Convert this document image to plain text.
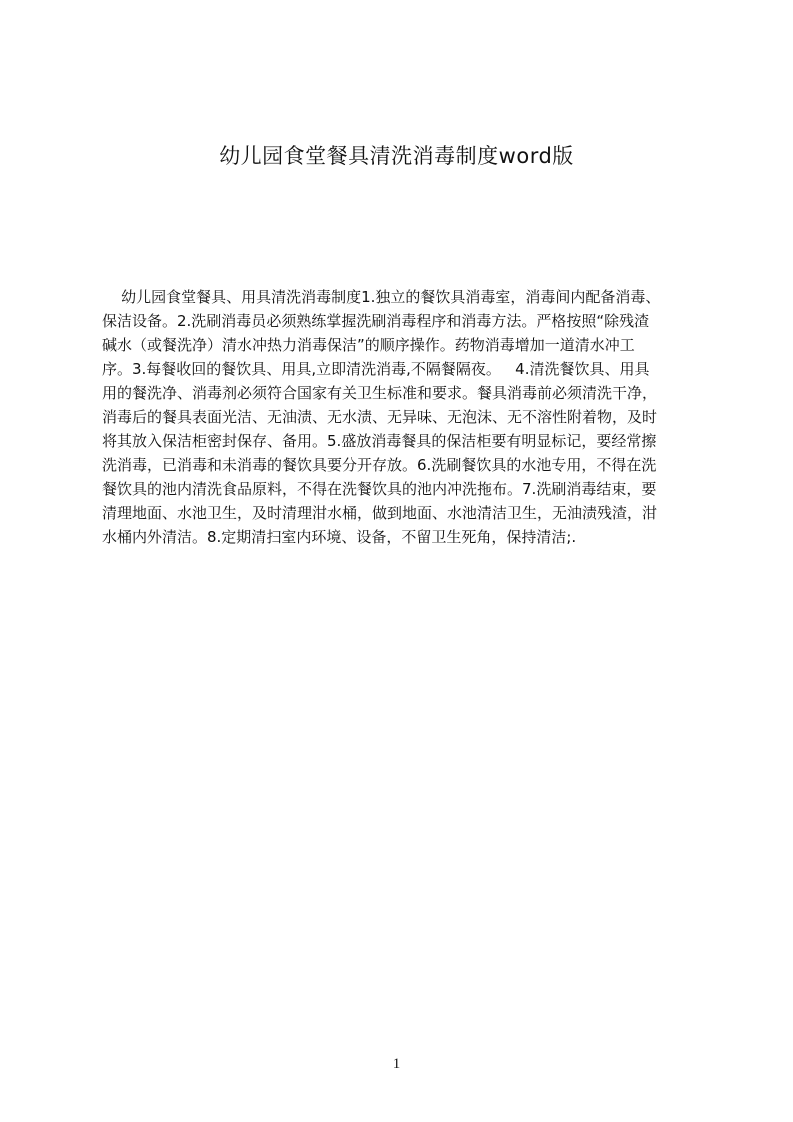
幼儿园食堂餐具清洗消毒制度word版
幼儿园食堂餐具、用具清洗消毒制度1.独立的餐饮具消毒室，消毒间内配备消毒、
保洁设备。2.洗刷消毒员必须熟练掌握洗刷消毒程序和消毒方法。严格按照“除残渣
碱水（或餐洗净）清水冲热力消毒保洁”的顺序操作。药物消毒增加一道清水冲工
序。3.每餐收回的餐饮具、用具,立即清洗消毒,不隔餐隔夜。   4.清洗餐饮具、用具
用的餐洗净、消毒剂必须符合国家有关卫生标准和要求。餐具消毒前必须清洗干净，
消毒后的餐具表面光洁、无油渍、无水渍、无异味、无泡沫、无不溶性附着物，及时
将其放入保洁柜密封保存、备用。5.盛放消毒餐具的保洁柜要有明显标记，要经常擦
洗消毒，已消毒和未消毒的餐饮具要分开存放。6.洗刷餐饮具的水池专用，不得在洗
餐饮具的池内清洗食品原料，不得在洗餐饮具的池内冲洗拖布。7.洗刷消毒结束，要
清理地面、水池卫生，及时清理泔水桶，做到地面、水池清洁卫生，无油渍残渣，泔
水桶内外清洁。8.定期清扫室内环境、设备，不留卫生死角，保持清洁;.
1
